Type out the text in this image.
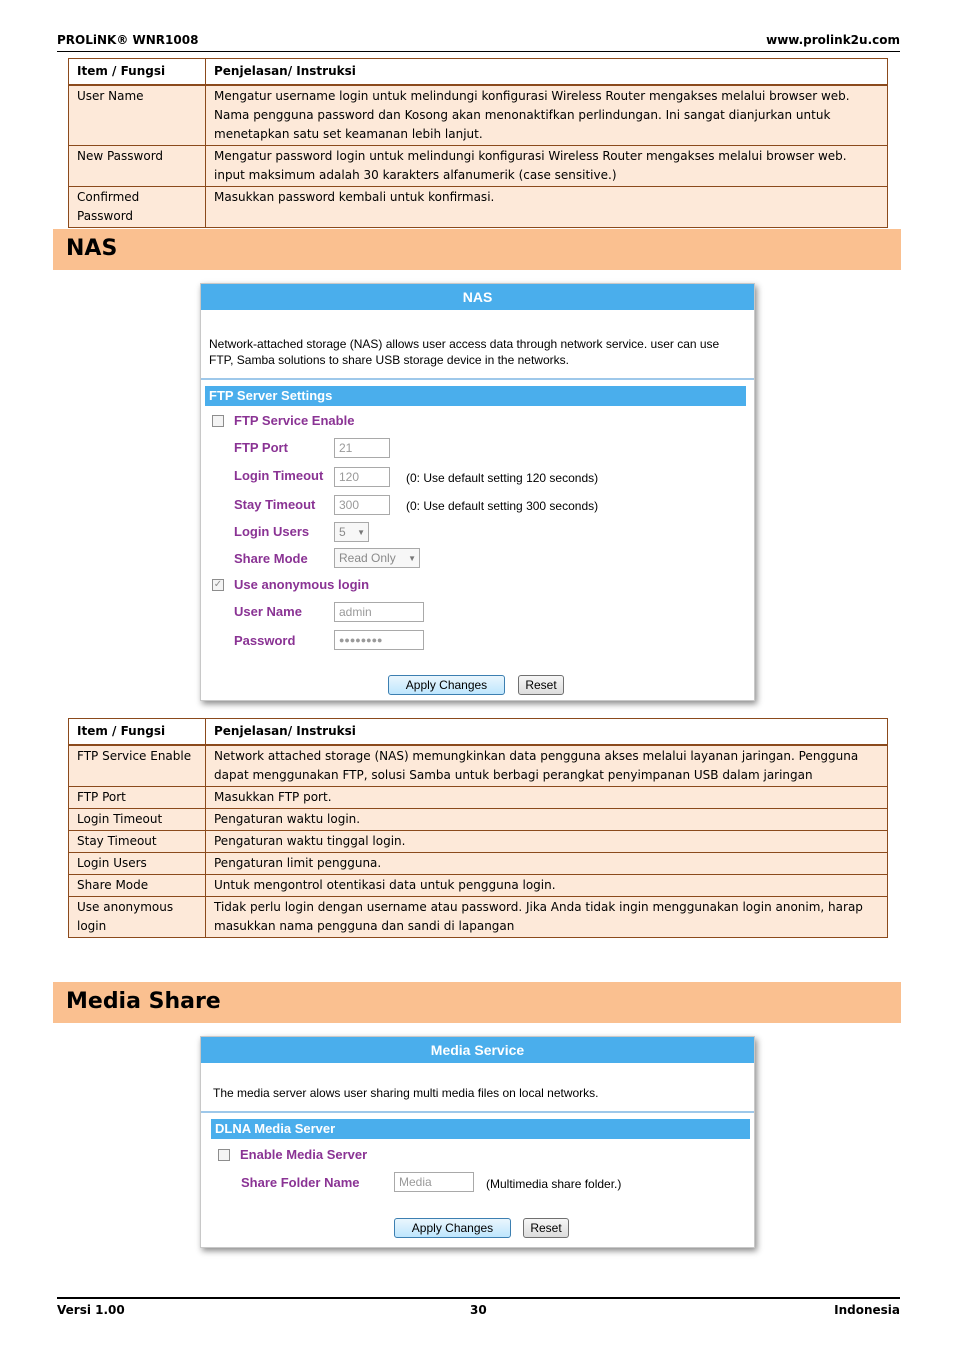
PROLiNK® WNR1008	www.prolink2u.com
Item / Fungsi	Penjelasan/ Instruksi
User Name	Mengatur username login untuk melindungi konfigurasi Wireless Router mengakses melalui browser web. Nama pengguna password dan Kosong akan menonaktifkan perlindungan. Ini sangat dianjurkan untuk menetapkan satu set keamanan lebih lanjut.
New Password	Mengatur password login untuk melindungi konfigurasi Wireless Router mengakses melalui browser web. input maksimum adalah 30 karakters alfanumerik (case sensitive.)
Confirmed Password	Masukkan password kembali untuk konfirmasi.
NAS
NAS
Network-attached storage (NAS) allows user access data through network service. user can use FTP, Samba solutions to share USB storage device in the networks.
FTP Server Settings
FTP Service Enable
FTP Port	21
Login Timeout	120	(0: Use default setting 120 seconds)
Stay Timeout	300	(0: Use default setting 300 seconds)
Login Users	5 ▼
Share Mode	Read Only ▼
✓ Use anonymous login
User Name	admin
Password	●●●●●●●●
Apply Changes	Reset
Item / Fungsi	Penjelasan/ Instruksi
FTP Service Enable	Network attached storage (NAS) memungkinkan data pengguna akses melalui layanan jaringan. Pengguna dapat menggunakan FTP, solusi Samba untuk berbagi perangkat penyimpanan USB dalam jaringan
FTP Port	Masukkan FTP port.
Login Timeout	Pengaturan waktu login.
Stay Timeout	Pengaturan waktu tinggal login.
Login Users	Pengaturan limit pengguna.
Share Mode	Untuk mengontrol otentikasi data untuk pengguna login.
Use anonymous login	Tidak perlu login dengan username atau password. Jika Anda tidak ingin menggunakan login anonim, harap masukkan nama pengguna dan sandi di lapangan
Media Share
Media Service
The media server alows user sharing multi media files on local networks.
DLNA Media Server
Enable Media Server
Share Folder Name	Media	(Multimedia share folder.)
Apply Changes	Reset
Versi 1.00	30	Indonesia
